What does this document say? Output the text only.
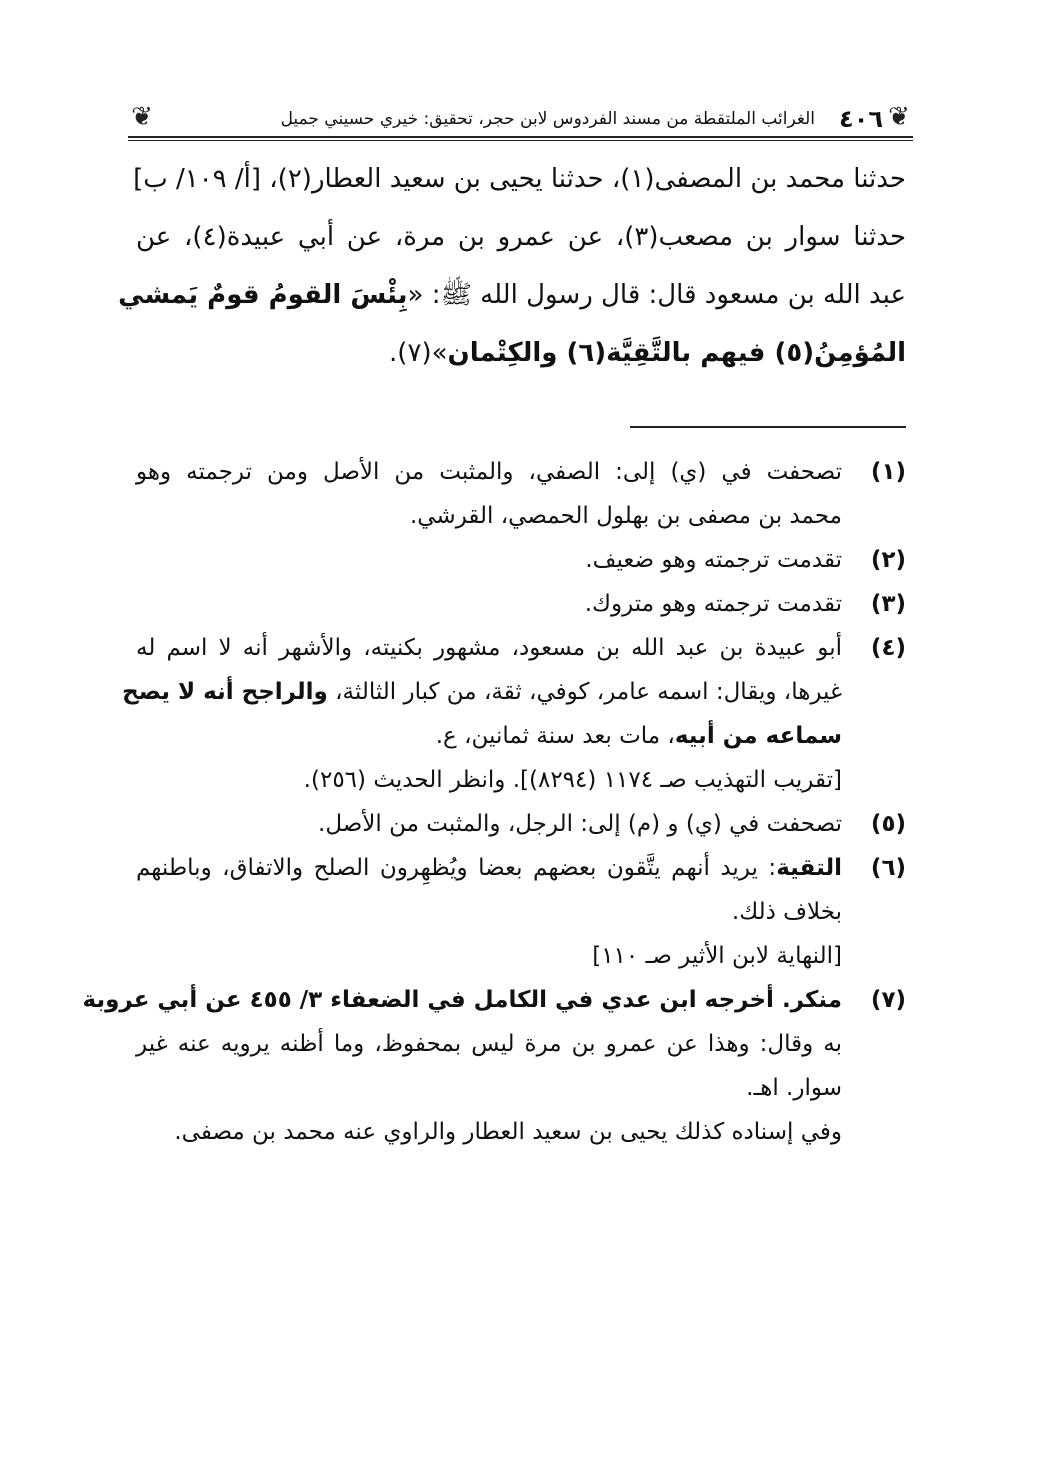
❦
٤٠٦
الغرائب الملتقطة من مسند الفردوس لابن حجر، تحقيق: خيري حسيني جميل
❦
حدثنا محمد بن المصفى(١)، حدثنا يحيى بن سعيد العطار(٢)، [أ/ ١٠٩/ ب]
حدثنا سوار بن مصعب(٣)، عن عمرو بن مرة، عن أبي عبيدة(٤)، عن
عبد الله بن مسعود قال: قال رسول الله ﷺ: «بِئْسَ القومُ قومٌ يَمشي
المُؤمِنُ(٥) فيهم بالتَّقِيَّة(٦) والكِتْمان»(٧).
(١)
تصحفت في (ي) إلى: الصفي، والمثبت من الأصل ومن ترجمته وهو
محمد بن مصفى بن بهلول الحمصي، القرشي.
(٢)
تقدمت ترجمته وهو ضعيف.
(٣)
تقدمت ترجمته وهو متروك.
(٤)
أبو عبيدة بن عبد الله بن مسعود، مشهور بكنيته، والأشهر أنه لا اسم له
غيرها، ويقال: اسمه عامر، كوفي، ثقة، من كبار الثالثة، والراجح أنه لا يصح
سماعه من أبيه، مات بعد سنة ثمانين، ع.
[تقريب التهذيب صـ ١١٧٤ (٨٢٩٤)]. وانظر الحديث (٢٥٦).
(٥)
تصحفت في (ي) و (م) إلى: الرجل، والمثبت من الأصل.
(٦)
التقية: يريد أنهم يتَّقون بعضهم بعضا ويُظهِرون الصلح والاتفاق، وباطنهم
بخلاف ذلك.
[النهاية لابن الأثير صـ ١١٠]
(٧)
منكر. أخرجه ابن عدي في الكامل في الضعفاء ٣/ ٤٥٥ عن أبي عروبة
به وقال: وهذا عن عمرو بن مرة ليس بمحفوظ، وما أظنه يرويه عنه غير
سوار. اهـ.
وفي إسناده كذلك يحيى بن سعيد العطار والراوي عنه محمد بن مصفى.
